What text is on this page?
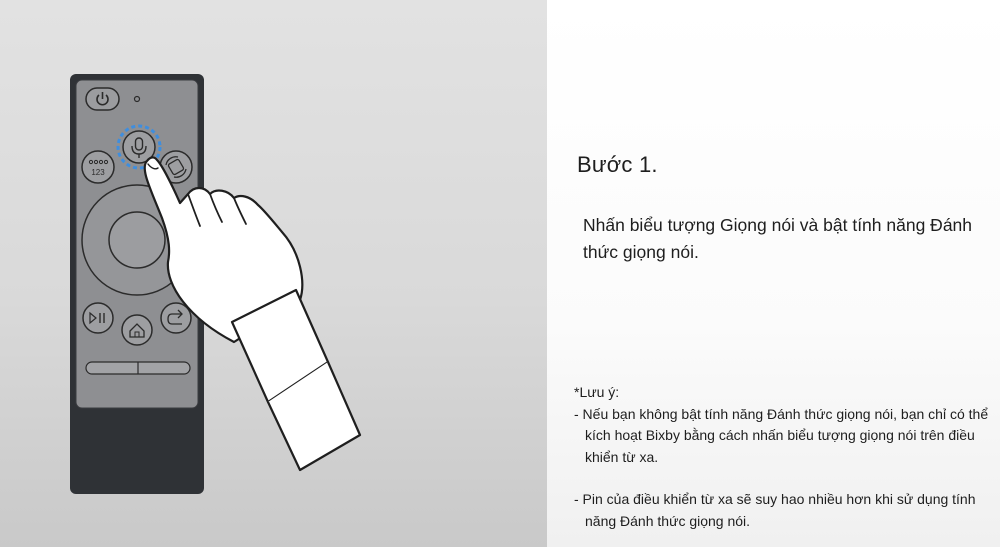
123	Bước 1.
Nhấn biểu tượng Giọng nói và bật tính năng Đánh thức giọng nói.
*Lưu ý:
- Nếu bạn không bật tính năng Đánh thức giọng nói, bạn chỉ có thể kích hoạt Bixby bằng cách nhấn biểu tượng giọng nói trên điều khiển từ xa.
- Pin của điều khiển từ xa sẽ suy hao nhiều hơn khi sử dụng tính năng Đánh thức giọng nói.
